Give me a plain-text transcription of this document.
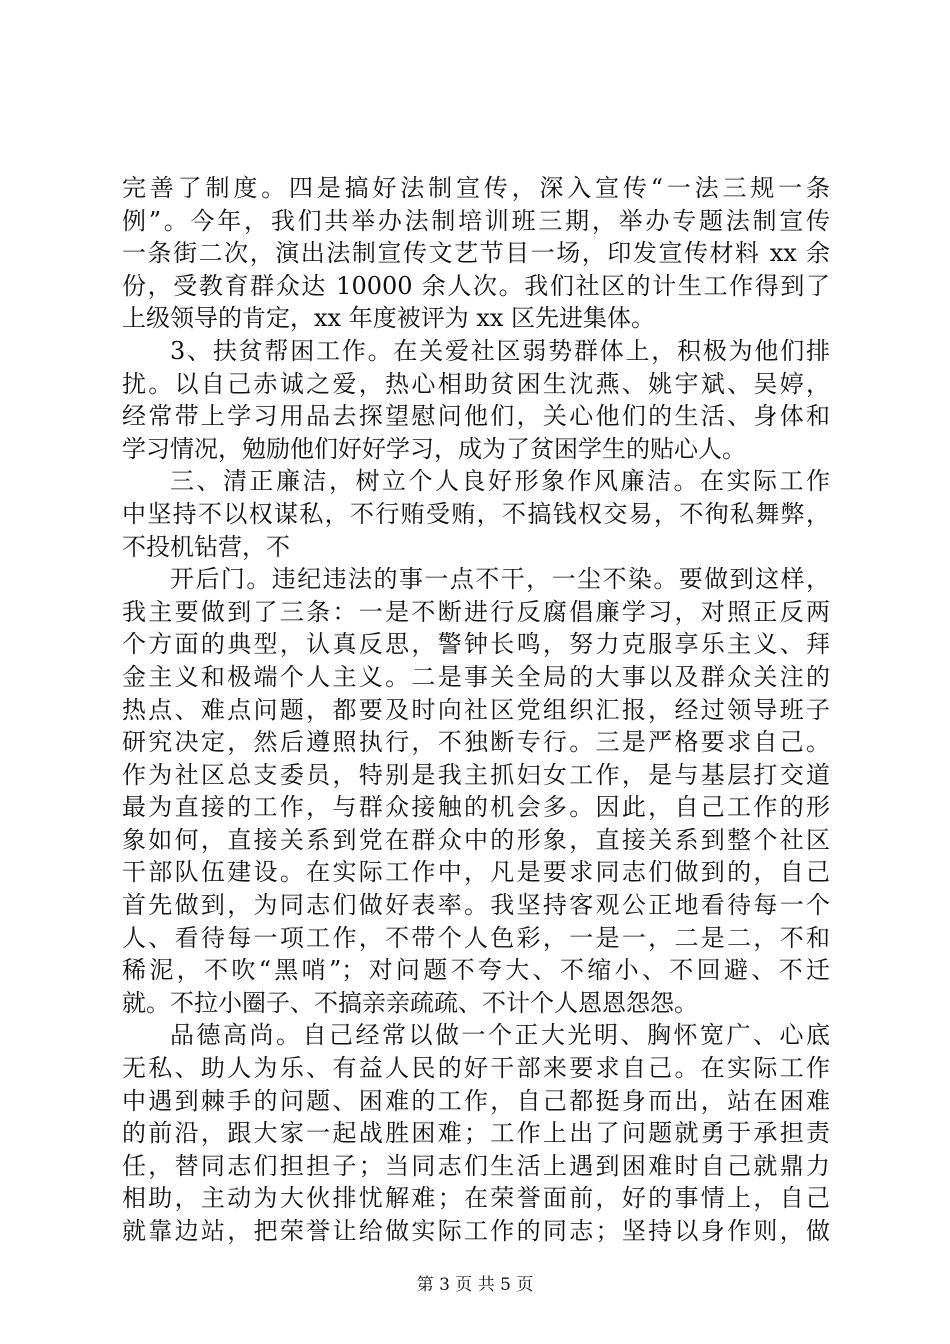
完善了制度。四是搞好法制宣传，深入宣传“一法三规一条
例”。今年，我们共举办法制培训班三期，举办专题法制宣传
一条街二次，演出法制宣传文艺节目一场，印发宣传材料 xx 余
份，受教育群众达 10000 余人次。我们社区的计生工作得到了
上级领导的肯定，xx 年度被评为 xx 区先进集体。
3、扶贫帮困工作。在关爱社区弱势群体上，积极为他们排
扰。以自己赤诚之爱，热心相助贫困生沈燕、姚宇斌、吴婷，
经常带上学习用品去探望慰问他们，关心他们的生活、身体和
学习情况，勉励他们好好学习，成为了贫困学生的贴心人。
三、清正廉洁，树立个人良好形象作风廉洁。在实际工作
中坚持不以权谋私，不行贿受贿，不搞钱权交易，不徇私舞弊，
不投机钻营，不
开后门。违纪违法的事一点不干，一尘不染。要做到这样，
我主要做到了三条：一是不断进行反腐倡廉学习，对照正反两
个方面的典型，认真反思，警钟长鸣，努力克服享乐主义、拜
金主义和极端个人主义。二是事关全局的大事以及群众关注的
热点、难点问题，都要及时向社区党组织汇报，经过领导班子
研究决定，然后遵照执行，不独断专行。三是严格要求自己。
作为社区总支委员，特别是我主抓妇女工作，是与基层打交道
最为直接的工作，与群众接触的机会多。因此，自己工作的形
象如何，直接关系到党在群众中的形象，直接关系到整个社区
干部队伍建设。在实际工作中，凡是要求同志们做到的，自己
首先做到，为同志们做好表率。我坚持客观公正地看待每一个
人、看待每一项工作，不带个人色彩，一是一，二是二，不和
稀泥，不吹“黑哨”；对问题不夸大、不缩小、不回避、不迁
就。不拉小圈子、不搞亲亲疏疏、不计个人恩恩怨怨。
品德高尚。自己经常以做一个正大光明、胸怀宽广、心底
无私、助人为乐、有益人民的好干部来要求自己。在实际工作
中遇到棘手的问题、困难的工作，自己都挺身而出，站在困难
的前沿，跟大家一起战胜困难；工作上出了问题就勇于承担责
任，替同志们担担子；当同志们生活上遇到困难时自己就鼎力
相助，主动为大伙排忧解难；在荣誉面前，好的事情上，自己
就靠边站，把荣誉让给做实际工作的同志；坚持以身作则，做
第 3 页 共 5 页
